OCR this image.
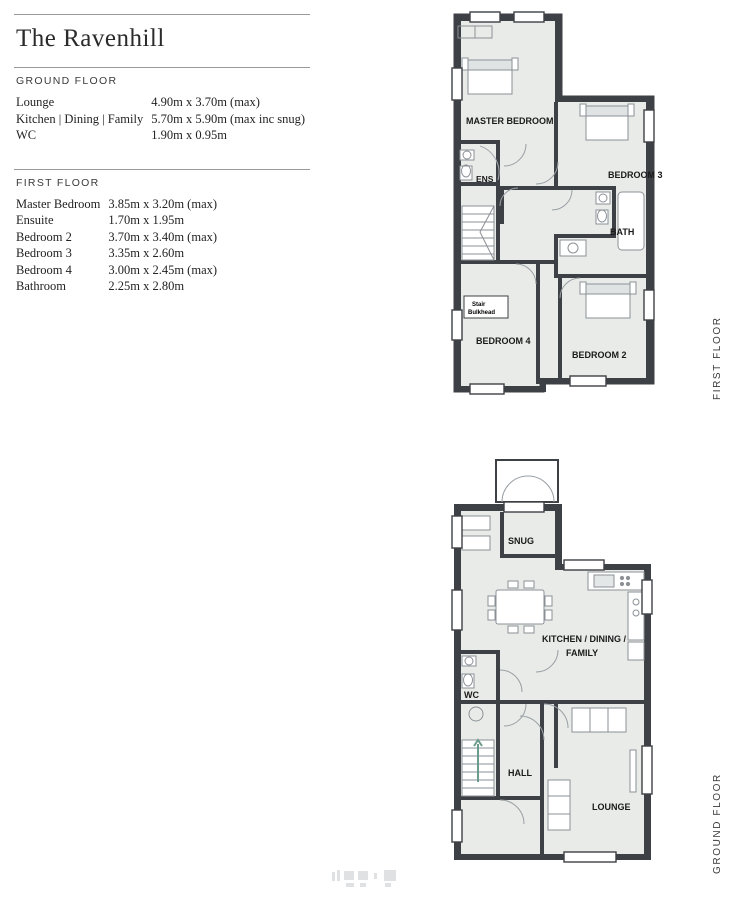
The Ravenhill
GROUND FLOOR
Lounge	4.90m x 3.70m (max)
Kitchen | Dining | Family	5.70m x 5.90m (max inc snug)
WC	1.90m x 0.95m
FIRST FLOOR
Master Bedroom	3.85m x 3.20m (max)
Ensuite	1.70m x 1.95m
Bedroom 2	3.70m x 3.40m (max)
Bedroom 3	3.35m x 2.60m
Bedroom 4	3.00m x 2.45m (max)
Bathroom	2.25m x 2.80m
FIRST FLOOR
GROUND FLOOR
MASTER BEDROOM
ENS	BEDROOM 3
BATH
BEDROOM 4
BEDROOM 2
Stair
Bulkhead
SNUG
KITCHEN / DINING /
FAMILY
WC
HALL
LOUNGE
